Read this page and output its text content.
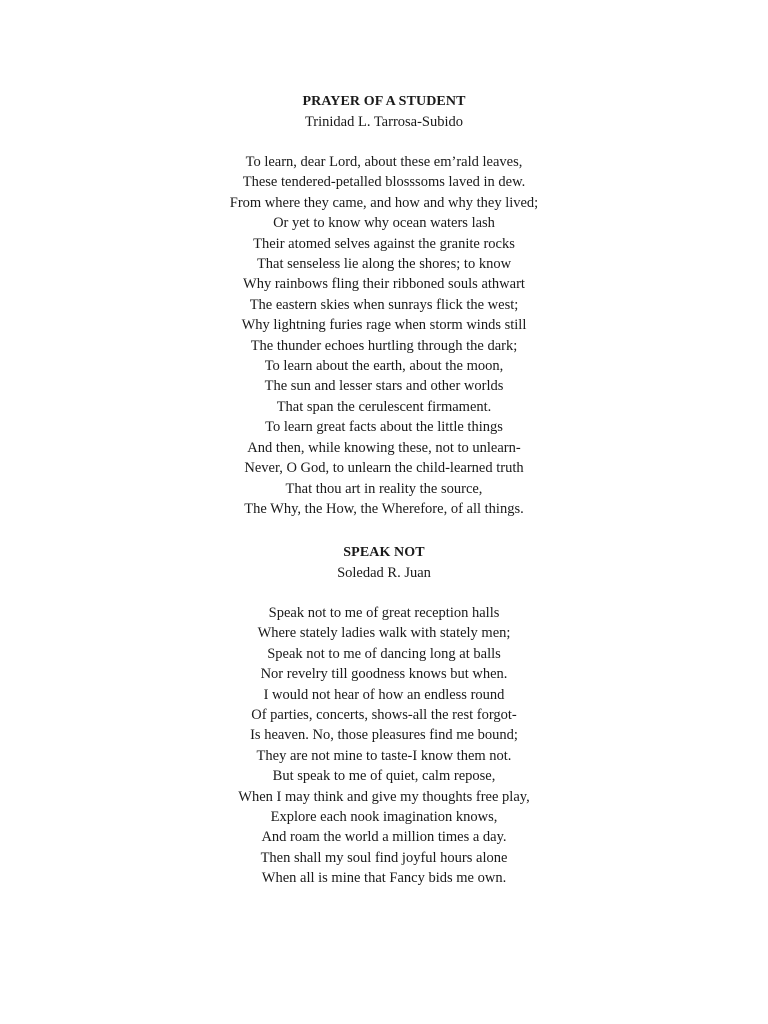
PRAYER OF A STUDENT

Trinidad L. Tarrosa-Subido

To learn, dear Lord, about these em’rald leaves,
These tendered-petalled blosssoms laved in dew.
From where they came, and how and why they lived;
Or yet to know why ocean waters lash
Their atomed selves against the granite rocks
That senseless lie along the shores; to know
Why rainbows fling their ribboned souls athwart
The eastern skies when sunrays flick the west;
Why lightning furies rage when storm winds still
The thunder echoes hurtling through the dark;
To learn about the earth, about the moon,
The sun and lesser stars and other worlds
That span the cerulescent firmament.
To learn great facts about the little things
And then, while knowing these, not to unlearn-
Never, O God, to unlearn the child-learned truth
That thou art in reality the source,
The Why, the How, the Wherefore, of all things.
SPEAK NOT

Soledad R. Juan

Speak not to me of great reception halls
Where stately ladies walk with stately men;
Speak not to me of dancing long at balls
Nor revelry till goodness knows but when.
I would not hear of how an endless round
Of parties, concerts, shows-all the rest forgot-
Is heaven. No, those pleasures find me bound;
They are not mine to taste-I know them not.
But speak to me of quiet, calm repose,
When I may think and give my thoughts free play,
Explore each nook imagination knows,
And roam the world a million times a day.
Then shall my soul find joyful hours alone
When all is mine that Fancy bids me own.
